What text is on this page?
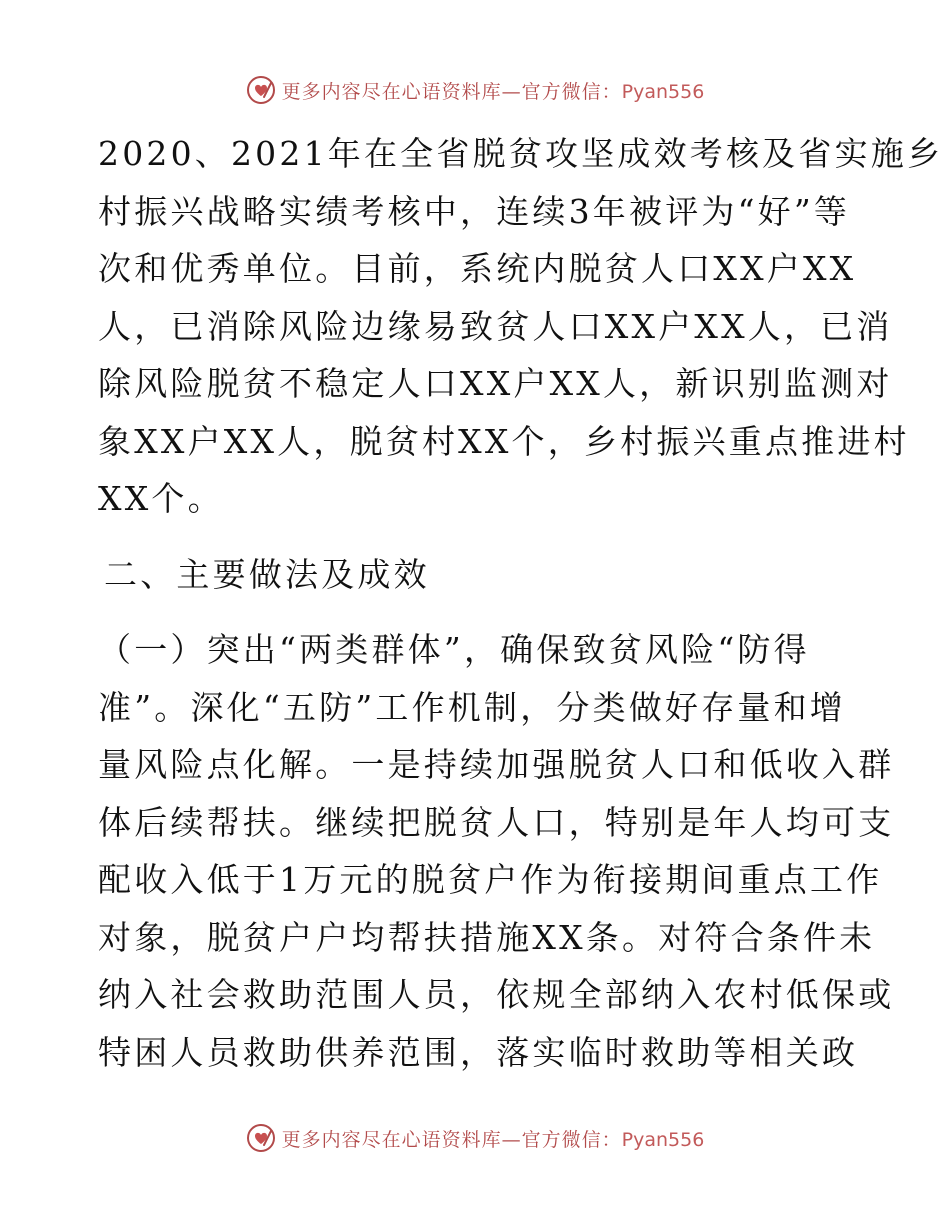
更多内容尽在心语资料库—官方微信：Pyan556
2020、2021年在全省脱贫攻坚成效考核及省实施乡
村振兴战略实绩考核中，连续3年被评为“好”等
次和优秀单位。目前，系统内脱贫人口XX户XX
人，已消除风险边缘易致贫人口XX户XX人，已消
除风险脱贫不稳定人口XX户XX人，新识别监测对
象XX户XX人，脱贫村XX个，乡村振兴重点推进村
XX个。
二、主要做法及成效
（一）突出“两类群体”，确保致贫风险“防得
准”。深化“五防”工作机制，分类做好存量和增
量风险点化解。一是持续加强脱贫人口和低收入群
体后续帮扶。继续把脱贫人口，特别是年人均可支
配收入低于1万元的脱贫户作为衔接期间重点工作
对象，脱贫户户均帮扶措施XX条。对符合条件未
纳入社会救助范围人员，依规全部纳入农村低保或
特困人员救助供养范围，落实临时救助等相关政
更多内容尽在心语资料库—官方微信：Pyan556
